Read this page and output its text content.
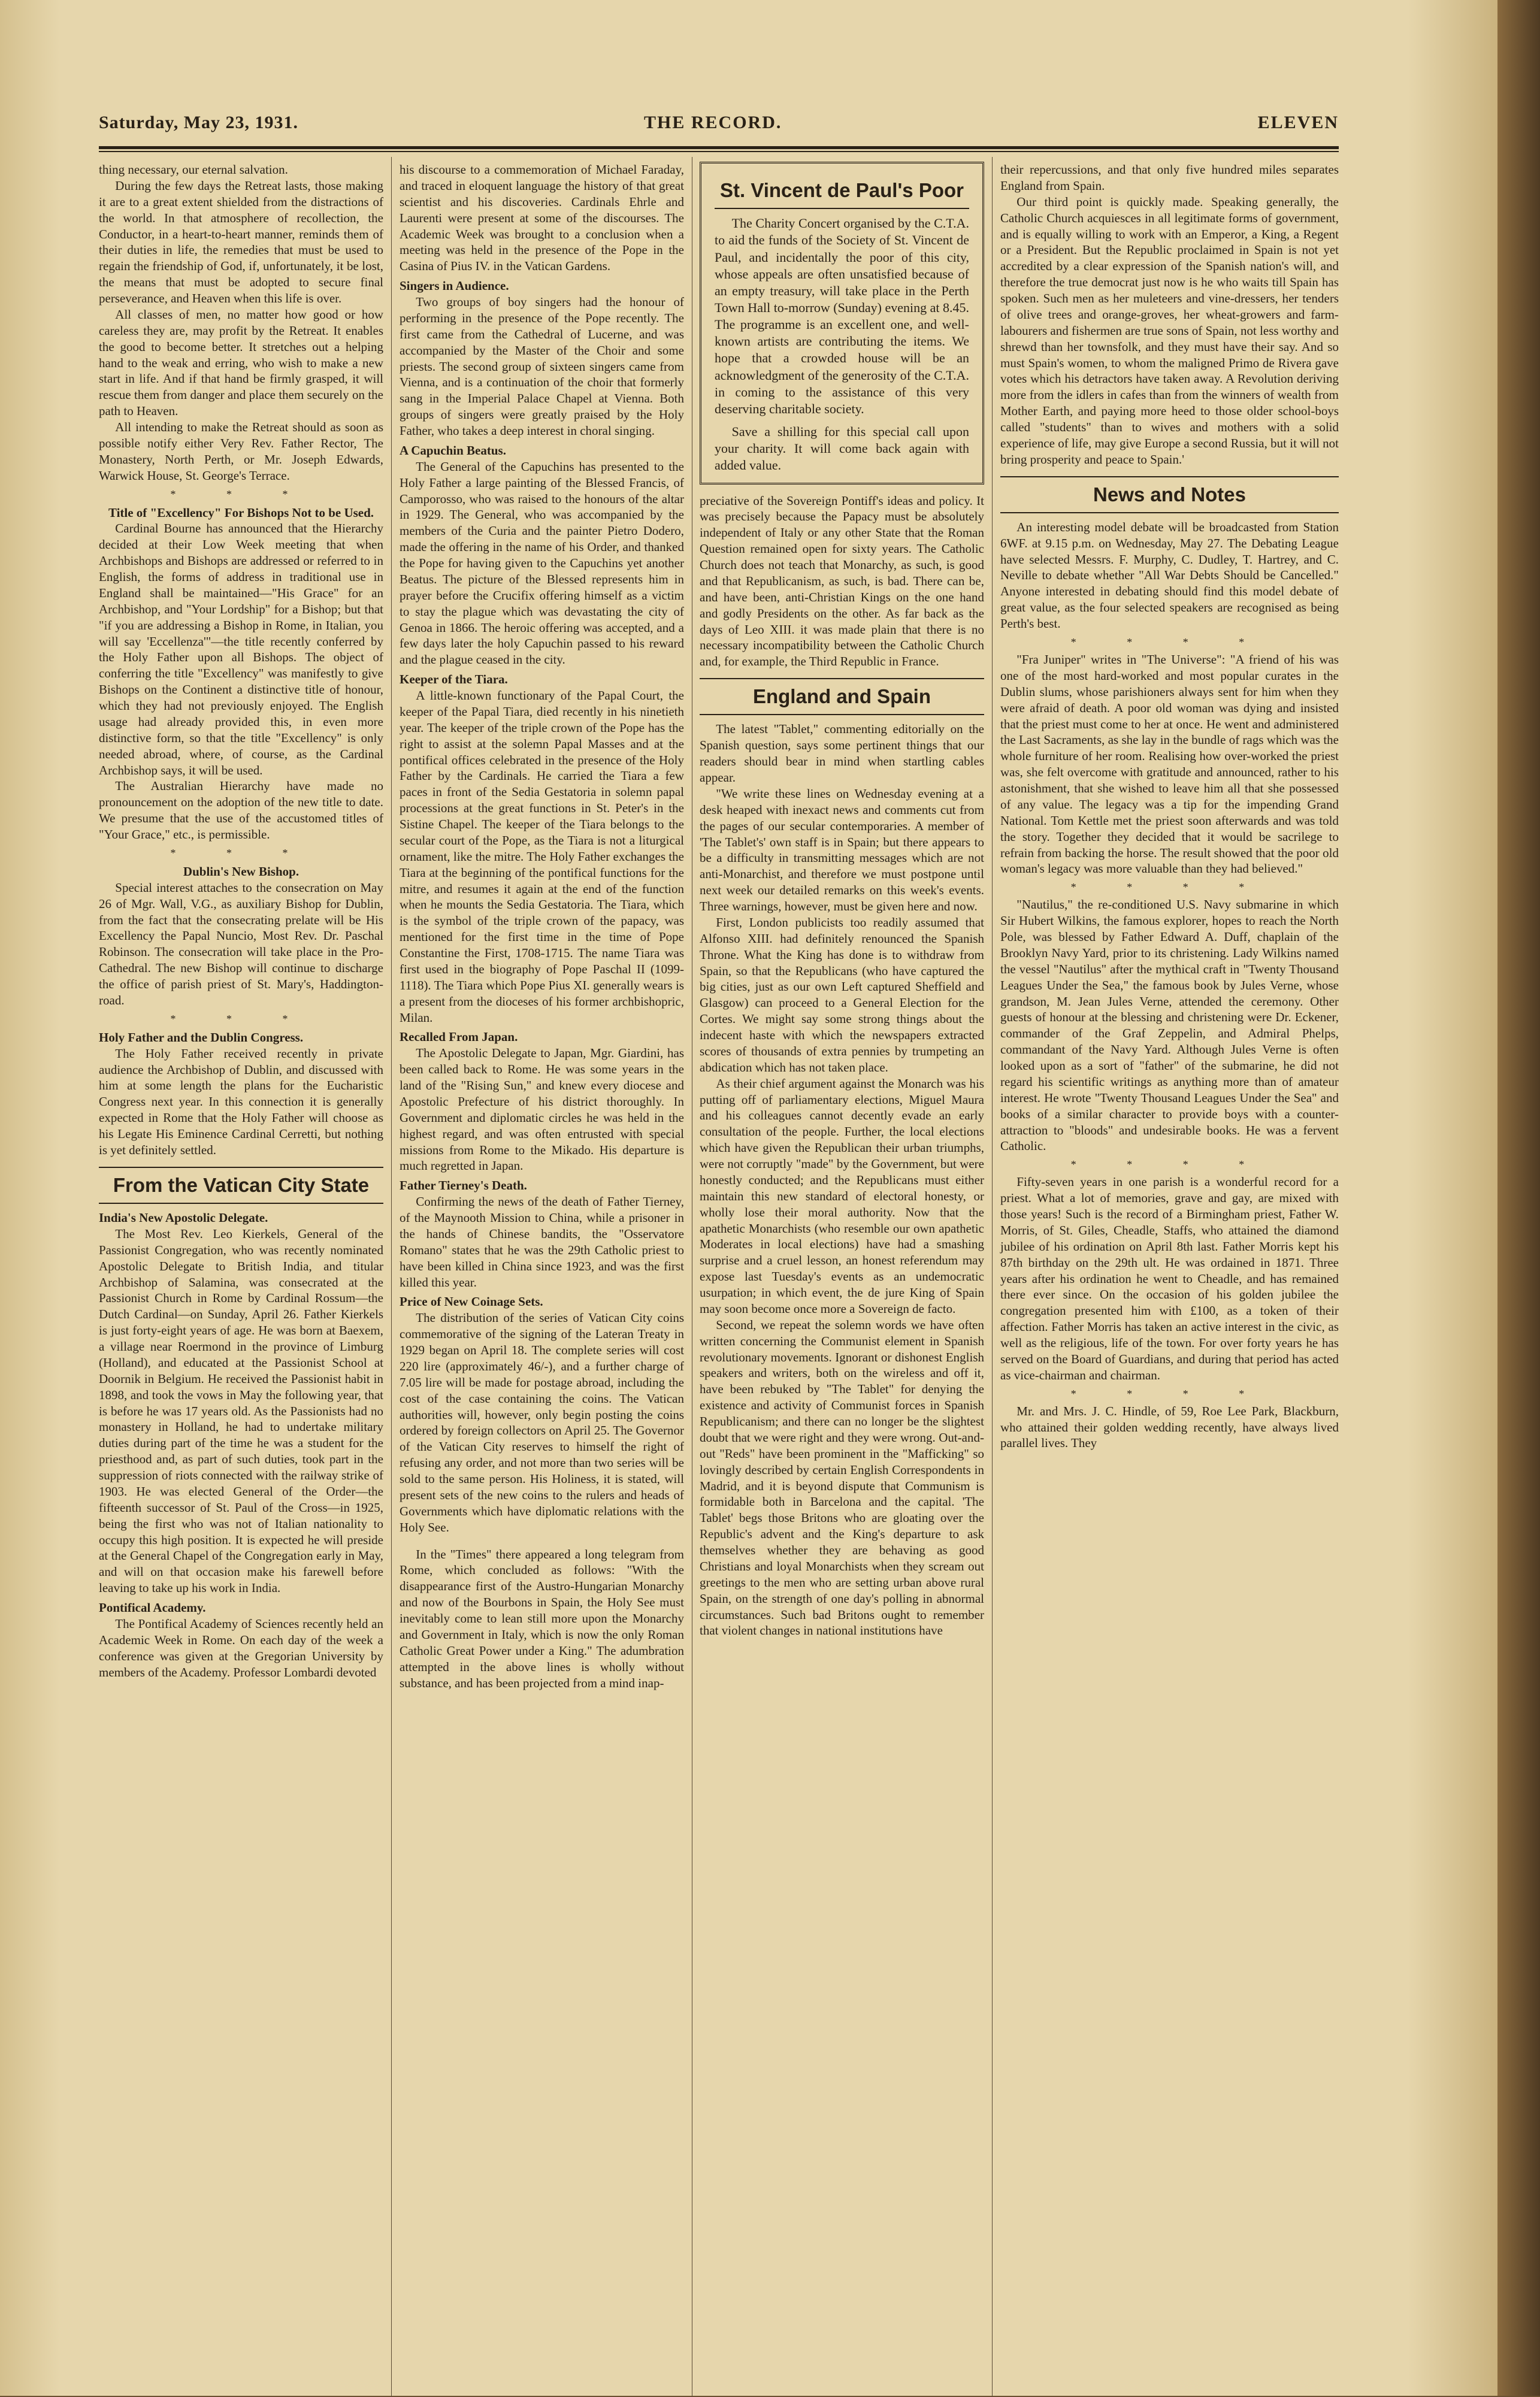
Saturday, May 23, 1931.	THE RECORD.	ELEVEN

thing necessary, our eternal salvation.

During the few days the Retreat lasts, those making it are to a great extent shielded from the distractions of the world. In that atmosphere of recollection, the Conductor, in a heart-to-heart manner, reminds them of their duties in life, the remedies that must be used to regain the friendship of God, if, unfortunately, it be lost, the means that must be adopted to secure final perseverance, and Heaven when this life is over.

All classes of men, no matter how good or how careless they are, may profit by the Retreat. It enables the good to become better. It stretches out a helping hand to the weak and erring, who wish to make a new start in life. And if that hand be firmly grasped, it will rescue them from danger and place them securely on the path to Heaven.

All intending to make the Retreat should as soon as possible notify either Very Rev. Father Rector, The Monastery, North Perth, or Mr. Joseph Edwards, Warwick House, St. George's Terrace.

* * *
Title of "Excellency" For Bishops Not to be Used.

Cardinal Bourne has announced that the Hierarchy decided at their Low Week meeting that when Archbishops and Bishops are addressed or referred to in English, the forms of address in traditional use in England shall be maintained—"His Grace" for an Archbishop, and "Your Lordship" for a Bishop; but that "if you are addressing a Bishop in Rome, in Italian, you will say 'Eccellenza'"—the title recently conferred by the Holy Father upon all Bishops. The object of conferring the title "Excellency" was manifestly to give Bishops on the Continent a distinctive title of honour, which they had not previously enjoyed. The English usage had already provided this, in even more distinctive form, so that the title "Excellency" is only needed abroad, where, of course, as the Cardinal Archbishop says, it will be used.

The Australian Hierarchy have made no pronouncement on the adoption of the new title to date. We presume that the use of the accustomed titles of "Your Grace," etc., is permissible.

* * *
Dublin's New Bishop.

Special interest attaches to the consecration on May 26 of Mgr. Wall, V.G., as auxiliary Bishop for Dublin, from the fact that the consecrating prelate will be His Excellency the Papal Nuncio, Most Rev. Dr. Paschal Robinson. The consecration will take place in the Pro-Cathedral. The new Bishop will continue to discharge the office of parish priest of St. Mary's, Haddington-road.

* * *
Holy Father and the Dublin Congress.

The Holy Father received recently in private audience the Archbishop of Dublin, and discussed with him at some length the plans for the Eucharistic Congress next year. In this connection it is generally expected in Rome that the Holy Father will choose as his Legate His Eminence Cardinal Cerretti, but nothing is yet definitely settled.

From the Vatican City State
India's New Apostolic Delegate.

The Most Rev. Leo Kierkels, General of the Passionist Congregation, who was recently nominated Apostolic Delegate to British India, and titular Archbishop of Salamina, was consecrated at the Passionist Church in Rome by Cardinal Rossum—the Dutch Cardinal—on Sunday, April 26. Father Kierkels is just forty-eight years of age. He was born at Baexem, a village near Roermond in the province of Limburg (Holland), and educated at the Passionist School at Doornik in Belgium. He received the Passionist habit in 1898, and took the vows in May the following year, that is before he was 17 years old. As the Passionists had no monastery in Holland, he had to undertake military duties during part of the time he was a student for the priesthood and, as part of such duties, took part in the suppression of riots connected with the railway strike of 1903. He was elected General of the Order—the fifteenth successor of St. Paul of the Cross—in 1925, being the first who was not of Italian nationality to occupy this high position. It is expected he will preside at the General Chapel of the Congregation early in May, and will on that occasion make his farewell before leaving to take up his work in India.

Pontifical Academy.

The Pontifical Academy of Sciences recently held an Academic Week in Rome. On each day of the week a conference was given at the Gregorian University by members of the Academy. Professor Lombardi devoted

his discourse to a commemoration of Michael Faraday, and traced in eloquent language the history of that great scientist and his discoveries. Cardinals Ehrle and Laurenti were present at some of the discourses. The Academic Week was brought to a conclusion when a meeting was held in the presence of the Pope in the Casina of Pius IV. in the Vatican Gardens.

Singers in Audience.

Two groups of boy singers had the honour of performing in the presence of the Pope recently. The first came from the Cathedral of Lucerne, and was accompanied by the Master of the Choir and some priests. The second group of sixteen singers came from Vienna, and is a continuation of the choir that formerly sang in the Imperial Palace Chapel at Vienna. Both groups of singers were greatly praised by the Holy Father, who takes a deep interest in choral singing.

A Capuchin Beatus.

The General of the Capuchins has presented to the Holy Father a large painting of the Blessed Francis, of Camporosso, who was raised to the honours of the altar in 1929. The General, who was accompanied by the members of the Curia and the painter Pietro Dodero, made the offering in the name of his Order, and thanked the Pope for having given to the Capuchins yet another Beatus. The picture of the Blessed represents him in prayer before the Crucifix offering himself as a victim to stay the plague which was devastating the city of Genoa in 1866. The heroic offering was accepted, and a few days later the holy Capuchin passed to his reward and the plague ceased in the city.

Keeper of the Tiara.

A little-known functionary of the Papal Court, the keeper of the Papal Tiara, died recently in his ninetieth year. The keeper of the triple crown of the Pope has the right to assist at the solemn Papal Masses and at the pontifical offices celebrated in the presence of the Holy Father by the Cardinals. He carried the Tiara a few paces in front of the Sedia Gestatoria in solemn papal processions at the great functions in St. Peter's in the Sistine Chapel. The keeper of the Tiara belongs to the secular court of the Pope, as the Tiara is not a liturgical ornament, like the mitre. The Holy Father exchanges the Tiara at the beginning of the pontifical functions for the mitre, and resumes it again at the end of the function when he mounts the Sedia Gestatoria. The Tiara, which is the symbol of the triple crown of the papacy, was mentioned for the first time in the time of Pope Constantine the First, 1708-1715. The name Tiara was first used in the biography of Pope Paschal II (1099-1118). The Tiara which Pope Pius XI. generally wears is a present from the dioceses of his former archbishopric, Milan.

Recalled From Japan.

The Apostolic Delegate to Japan, Mgr. Giardini, has been called back to Rome. He was some years in the land of the "Rising Sun," and knew every diocese and Apostolic Prefecture of his district thoroughly. In Government and diplomatic circles he was held in the highest regard, and was often entrusted with special missions from Rome to the Mikado. His departure is much regretted in Japan.

Father Tierney's Death.

Confirming the news of the death of Father Tierney, of the Maynooth Mission to China, while a prisoner in the hands of Chinese bandits, the "Osservatore Romano" states that he was the 29th Catholic priest to have been killed in China since 1923, and was the first killed this year.

Price of New Coinage Sets.

The distribution of the series of Vatican City coins commemorative of the signing of the Lateran Treaty in 1929 began on April 18. The complete series will cost 220 lire (approximately 46/-), and a further charge of 7.05 lire will be made for postage abroad, including the cost of the case containing the coins. The Vatican authorities will, however, only begin posting the coins ordered by foreign collectors on April 25. The Governor of the Vatican City reserves to himself the right of refusing any order, and not more than two series will be sold to the same person. His Holiness, it is stated, will present sets of the new coins to the rulers and heads of Governments which have diplomatic relations with the Holy See.

In the "Times" there appeared a long telegram from Rome, which concluded as follows: "With the disappearance first of the Austro-Hungarian Monarchy and now of the Bourbons in Spain, the Holy See must inevitably come to lean still more upon the Monarchy and Government in Italy, which is now the only Roman Catholic Great Power under a King." The adumbration attempted in the above lines is wholly without substance, and has been projected from a mind inap-

St. Vincent de Paul's Poor

The Charity Concert organised by the C.T.A. to aid the funds of the Society of St. Vincent de Paul, and incidentally the poor of this city, whose appeals are often unsatisfied because of an empty treasury, will take place in the Perth Town Hall to-morrow (Sunday) evening at 8.45. The programme is an excellent one, and well-known artists are contributing the items. We hope that a crowded house will be an acknowledgment of the generosity of the C.T.A. in coming to the assistance of this very deserving charitable society.

Save a shilling for this special call upon your charity. It will come back again with added value.

preciative of the Sovereign Pontiff's ideas and policy. It was precisely because the Papacy must be absolutely independent of Italy or any other State that the Roman Question remained open for sixty years. The Catholic Church does not teach that Monarchy, as such, is good and that Republicanism, as such, is bad. There can be, and have been, anti-Christian Kings on the one hand and godly Presidents on the other. As far back as the days of Leo XIII. it was made plain that there is no necessary incompatibility between the Catholic Church and, for example, the Third Republic in France.

England and Spain

The latest "Tablet," commenting editorially on the Spanish question, says some pertinent things that our readers should bear in mind when startling cables appear.

"We write these lines on Wednesday evening at a desk heaped with inexact news and comments cut from the pages of our secular contemporaries. A member of 'The Tablet's' own staff is in Spain; but there appears to be a difficulty in transmitting messages which are not anti-Monarchist, and therefore we must postpone until next week our detailed remarks on this week's events. Three warnings, however, must be given here and now.

First, London publicists too readily assumed that Alfonso XIII. had definitely renounced the Spanish Throne. What the King has done is to withdraw from Spain, so that the Republicans (who have captured the big cities, just as our own Left captured Sheffield and Glasgow) can proceed to a General Election for the Cortes. We might say some strong things about the indecent haste with which the newspapers extracted scores of thousands of extra pennies by trumpeting an abdication which has not taken place.

As their chief argument against the Monarch was his putting off of parliamentary elections, Miguel Maura and his colleagues cannot decently evade an early consultation of the people. Further, the local elections which have given the Republican their urban triumphs, were not corruptly "made" by the Government, but were honestly conducted; and the Republicans must either maintain this new standard of electoral honesty, or wholly lose their moral authority. Now that the apathetic Monarchists (who resemble our own apathetic Moderates in local elections) have had a smashing surprise and a cruel lesson, an honest referendum may expose last Tuesday's events as an undemocratic usurpation; in which event, the de jure King of Spain may soon become once more a Sovereign de facto.

Second, we repeat the solemn words we have often written concerning the Communist element in Spanish revolutionary movements. Ignorant or dishonest English speakers and writers, both on the wireless and off it, have been rebuked by "The Tablet" for denying the existence and activity of Communist forces in Spanish Republicanism; and there can no longer be the slightest doubt that we were right and they were wrong. Out-and-out "Reds" have been prominent in the "Mafficking" so lovingly described by certain English Correspondents in Madrid, and it is beyond dispute that Communism is formidable both in Barcelona and the capital. 'The Tablet' begs those Britons who are gloating over the Republic's advent and the King's departure to ask themselves whether they are behaving as good Christians and loyal Monarchists when they scream out greetings to the men who are setting urban above rural Spain, on the strength of one day's polling in abnormal circumstances. Such bad Britons ought to remember that violent changes in national institutions have

their repercussions, and that only five hundred miles separates England from Spain.

Our third point is quickly made. Speaking generally, the Catholic Church acquiesces in all legitimate forms of government, and is equally willing to work with an Emperor, a King, a Regent or a President. But the Republic proclaimed in Spain is not yet accredited by a clear expression of the Spanish nation's will, and therefore the true democrat just now is he who waits till Spain has spoken. Such men as her muleteers and vine-dressers, her tenders of olive trees and orange-groves, her wheat-growers and farm-labourers and fishermen are true sons of Spain, not less worthy and shrewd than her townsfolk, and they must have their say. And so must Spain's women, to whom the maligned Primo de Rivera gave votes which his detractors have taken away. A Revolution deriving more from the idlers in cafes than from the winners of wealth from Mother Earth, and paying more heed to those older school-boys called "students" than to wives and mothers with a solid experience of life, may give Europe a second Russia, but it will not bring prosperity and peace to Spain.'

News and Notes

An interesting model debate will be broadcasted from Station 6WF. at 9.15 p.m. on Wednesday, May 27. The Debating League have selected Messrs. F. Murphy, C. Dudley, T. Hartrey, and C. Neville to debate whether "All War Debts Should be Cancelled." Anyone interested in debating should find this model debate of great value, as the four selected speakers are recognised as being Perth's best.

* * * *

"Fra Juniper" writes in "The Universe": "A friend of his was one of the most hard-worked and most popular curates in the Dublin slums, whose parishioners always sent for him when they were afraid of death. A poor old woman was dying and insisted that the priest must come to her at once. He went and administered the Last Sacraments, as she lay in the bundle of rags which was the whole furniture of her room. Realising how over-worked the priest was, she felt overcome with gratitude and announced, rather to his astonishment, that she wished to leave him all that she possessed of any value. The legacy was a tip for the impending Grand National. Tom Kettle met the priest soon afterwards and was told the story. Together they decided that it would be sacrilege to refrain from backing the horse. The result showed that the poor old woman's legacy was more valuable than they had believed."

* * * *

"Nautilus," the re-conditioned U.S. Navy submarine in which Sir Hubert Wilkins, the famous explorer, hopes to reach the North Pole, was blessed by Father Edward A. Duff, chaplain of the Brooklyn Navy Yard, prior to its christening. Lady Wilkins named the vessel "Nautilus" after the mythical craft in "Twenty Thousand Leagues Under the Sea," the famous book by Jules Verne, whose grandson, M. Jean Jules Verne, attended the ceremony. Other guests of honour at the blessing and christening were Dr. Eckener, commander of the Graf Zeppelin, and Admiral Phelps, commandant of the Navy Yard. Although Jules Verne is often looked upon as a sort of "father" of the submarine, he did not regard his scientific writings as anything more than of amateur interest. He wrote "Twenty Thousand Leagues Under the Sea" and books of a similar character to provide boys with a counter-attraction to "bloods" and undesirable books. He was a fervent Catholic.

* * * *

Fifty-seven years in one parish is a wonderful record for a priest. What a lot of memories, grave and gay, are mixed with those years! Such is the record of a Birmingham priest, Father W. Morris, of St. Giles, Cheadle, Staffs, who attained the diamond jubilee of his ordination on April 8th last. Father Morris kept his 87th birthday on the 29th ult. He was ordained in 1871. Three years after his ordination he went to Cheadle, and has remained there ever since. On the occasion of his golden jubilee the congregation presented him with £100, as a token of their affection. Father Morris has taken an active interest in the civic, as well as the religious, life of the town. For over forty years he has served on the Board of Guardians, and during that period has acted as vice-chairman and chairman.

* * * *

Mr. and Mrs. J. C. Hindle, of 59, Roe Lee Park, Blackburn, who attained their golden wedding recently, have always lived parallel lives. They
